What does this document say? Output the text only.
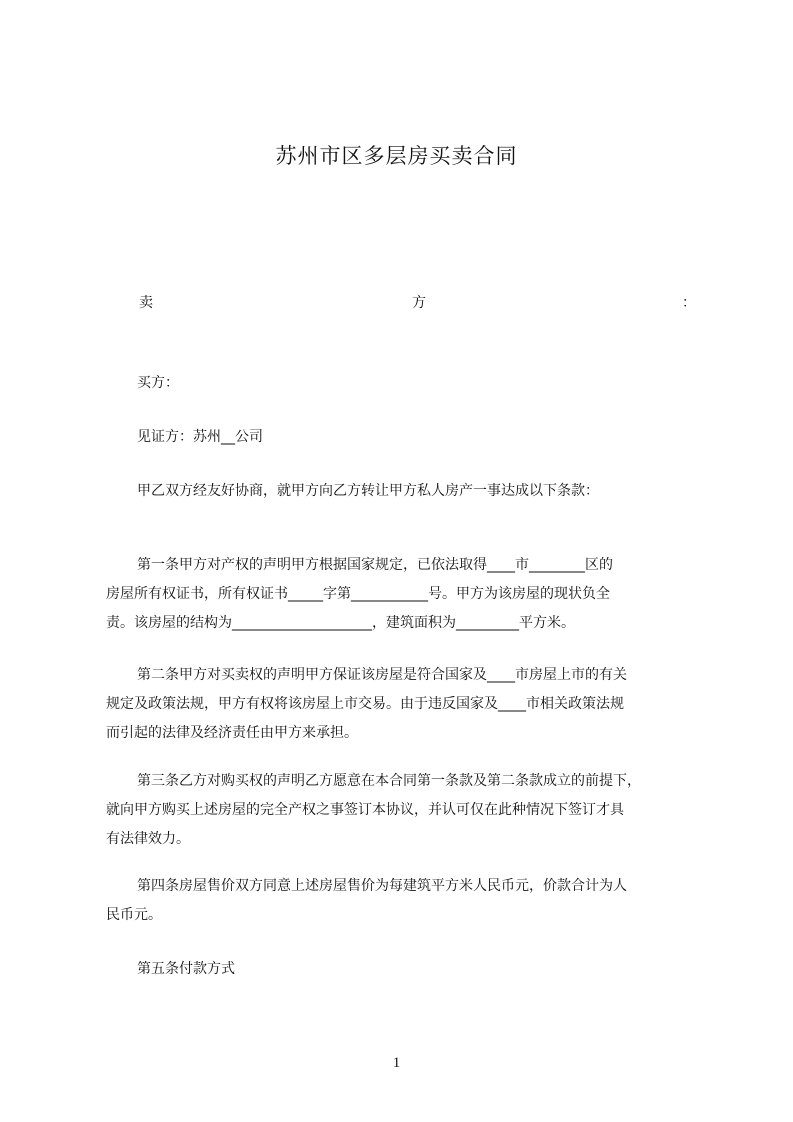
苏州市区多层房买卖合同
卖	方	：
买方：
见证方：苏州__公司
甲乙双方经友好协商，就甲方向乙方转让甲方私人房产一事达成以下条款：
第一条甲方对产权的声明甲方根据国家规定，已依法取得____市________区的
房屋所有权证书，所有权证书_____字第___________号。甲方为该房屋的现状负全
责。该房屋的结构为____________________，建筑面积为_________平方米。
第二条甲方对买卖权的声明甲方保证该房屋是符合国家及____市房屋上市的有关
规定及政策法规，甲方有权将该房屋上市交易。由于违反国家及____市相关政策法规
而引起的法律及经济责任由甲方来承担。
第三条乙方对购买权的声明乙方愿意在本合同第一条款及第二条款成立的前提下，
就向甲方购买上述房屋的完全产权之事签订本协议，并认可仅在此种情况下签订才具
有法律效力。
第四条房屋售价双方同意上述房屋售价为每建筑平方米人民币元，价款合计为人
民币元。
第五条付款方式
1
